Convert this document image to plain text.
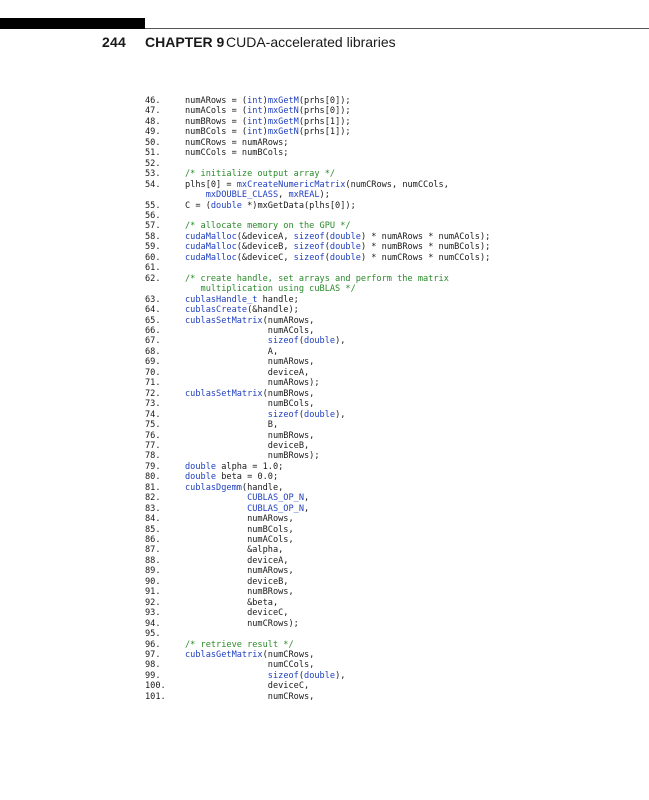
244 CHAPTER 9 CUDA-accelerated libraries
46.	numARows = (int)mxGetM(prhs[0]);
47.	numACols = (int)mxGetN(prhs[0]);
48.	numBRows = (int)mxGetM(prhs[1]);
49.	numBCols = (int)mxGetN(prhs[1]);
50.	numCRows = numARows;
51.	numCCols = numBCols;
52.

53.	/* initialize output array */
54.	plhs[0] = mxCreateNumericMatrix(numCRows, numCCols,
mxDOUBLE_CLASS, mxREAL);
55.	C = (double *)mxGetData(plhs[0]);
56.

57.	/* allocate memory on the GPU */
58.	cudaMalloc(&deviceA, sizeof(double) * numARows * numACols);
59.	cudaMalloc(&deviceB, sizeof(double) * numBRows * numBCols);
60.	cudaMalloc(&deviceC, sizeof(double) * numCRows * numCCols);
61.

62.	/* create handle, set arrays and perform the matrix
multiplication using cuBLAS */
63.	cublasHandle_t handle;
64.	cublasCreate(&handle);
65.	cublasSetMatrix(numARows,
66.	numACols,
67.	sizeof(double),
68.	A,
69.	numARows,
70.	deviceA,
71.	numARows);
72.	cublasSetMatrix(numBRows,
73.	numBCols,
74.	sizeof(double),
75.	B,
76.	numBRows,
77.	deviceB,
78.	numBRows);
79.	double alpha = 1.0;
80.	double beta = 0.0;
81.	cublasDgemm(handle,
82.	CUBLAS_OP_N,
83.	CUBLAS_OP_N,
84.	numARows,
85.	numBCols,
86.	numACols,
87.	&alpha,
88.	deviceA,
89.	numARows,
90.	deviceB,
91.	numBRows,
92.	&beta,
93.	deviceC,
94.	numCRows);
95.

96.	/* retrieve result */
97.	cublasGetMatrix(numCRows,
98.	numCCols,
99.	sizeof(double),
100.	deviceC,
101.	numCRows,
